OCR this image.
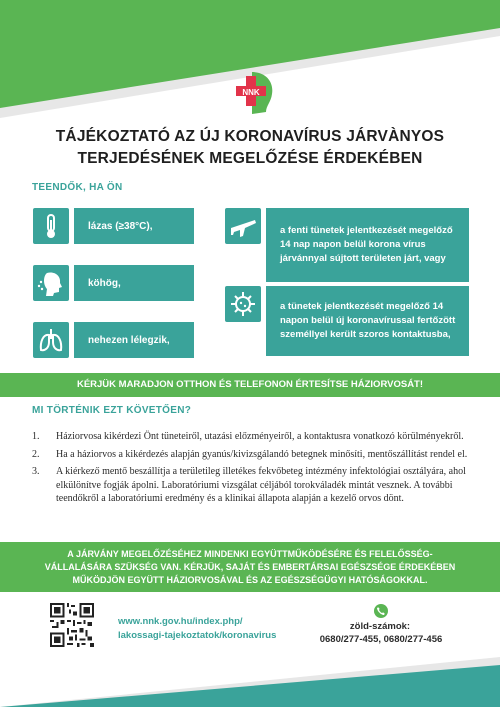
NNK
TÁJÉKOZTATÓ AZ ÚJ KORONAVÍRUS JÁRVÀNYOS
TERJEDÉSÉNEK MEGELŐZÉSE ÉRDEKÉBEN
TEENDŐK, HA ÖN
lázas (≥38°C),
köhög,
nehezen lélegzik,
a fenti tünetek jelentkezését megelőző 14 nap napon belül korona vírus járvánnyal sújtott területen járt, vagy
a tünetek jelentkezését megelőző 14 napon belül új koronavírussal fertőzött személlyel került szoros kontaktusba,
KÉRJÜK MARADJON OTTHON ÉS TELEFONON ÉRTESÍTSE HÁZIORVOSÁT!
MI TÖRTÉNIK EZT KÖVETŐEN?
1. Háziorvosa kikérdezi Önt tüneteiről, utazási előzményeiről, a kontaktusra vonatkozó körülményekről.
2. Ha a háziorvos a kikérdezés alapján gyanús/kivizsgálandó betegnek minősíti, mentőszállítást rendel el.
3. A kiérkező mentő beszállítja a területileg illetékes fekvőbeteg intézmény infektológiai osztályára, ahol elkülönítve fogják ápolni. Laboratóriumi vizsgálat céljából torokváladék mintát vesznek. A további teendőkről a laboratóriumi eredmény és a klinikai állapota alapján a kezelő orvos dönt.
A JÁRVÁNY MEGELŐZÉSÉHEZ MINDENKI EGYÜTTMŰKÖDÉSÉRE ÉS FELELŐSSÉG-
VÁLLALÁSÁRA SZÜKSÉG VAN. KÉRJÜK, SAJÁT ÉS EMBERTÁRSAI EGÉSZSÉGE ÉRDEKÉBEN
MŰKÖDJÖN EGYÜTT HÁZIORVOSÁVAL ÉS AZ EGÉSZSÉGÜGYI HATÓSÁGOKKAL.
www.nnk.gov.hu/index.php/
lakossagi-tajekoztatok/koronavirus
zöld-számok:
0680/277-455, 0680/277-456
